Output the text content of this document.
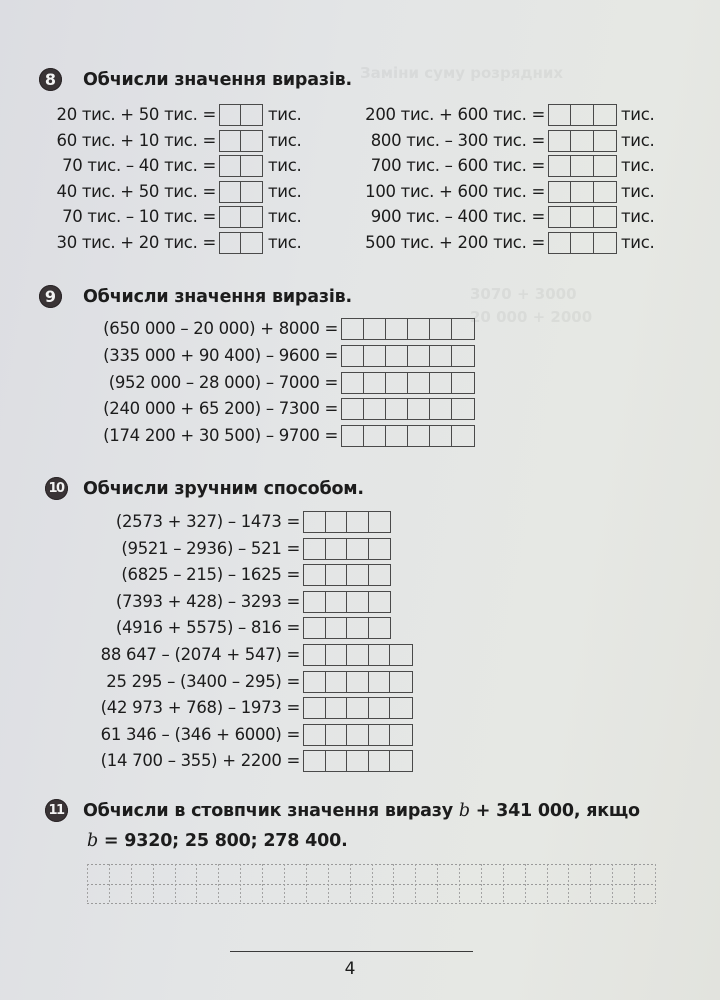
Заміни суму розрядних
3070 + 3000
20 000 + 2000
8	Обчисли значення виразів.
20 тис. + 50 тис. =	тис.
60 тис. + 10 тис. =	тис.
70 тис. – 40 тис. =	тис.
40 тис. + 50 тис. =	тис.
70 тис. – 10 тис. =	тис.
30 тис. + 20 тис. =	тис.
200 тис. + 600 тис. =	тис.
800 тис. – 300 тис. =	тис.
700 тис. – 600 тис. =	тис.
100 тис. + 600 тис. =	тис.
900 тис. – 400 тис. =	тис.
500 тис. + 200 тис. =	тис.
9	Обчисли значення виразів.
(650 000 – 20 000) + 8000 =
(335 000 + 90 400) – 9600 =
(952 000 – 28 000) – 7000 =
(240 000 + 65 200) – 7300 =
(174 200 + 30 500) – 9700 =
10 Обчисли зручним способом.
(2573 + 327) – 1473 =
(9521 – 2936) – 521 =
(6825 – 215) – 1625 =
(7393 + 428) – 3293 =
(4916 + 5575) – 816 =
88 647 – (2074 + 547) =
25 295 – (3400 – 295) =
(42 973 + 768) – 1973 =
61 346 – (346 + 6000) =
(14 700 – 355) + 2200 =
11 Обчисли в стовпчик значення виразу b + 341 000, якщо
b = 9320; 25 800; 278 400.
4
